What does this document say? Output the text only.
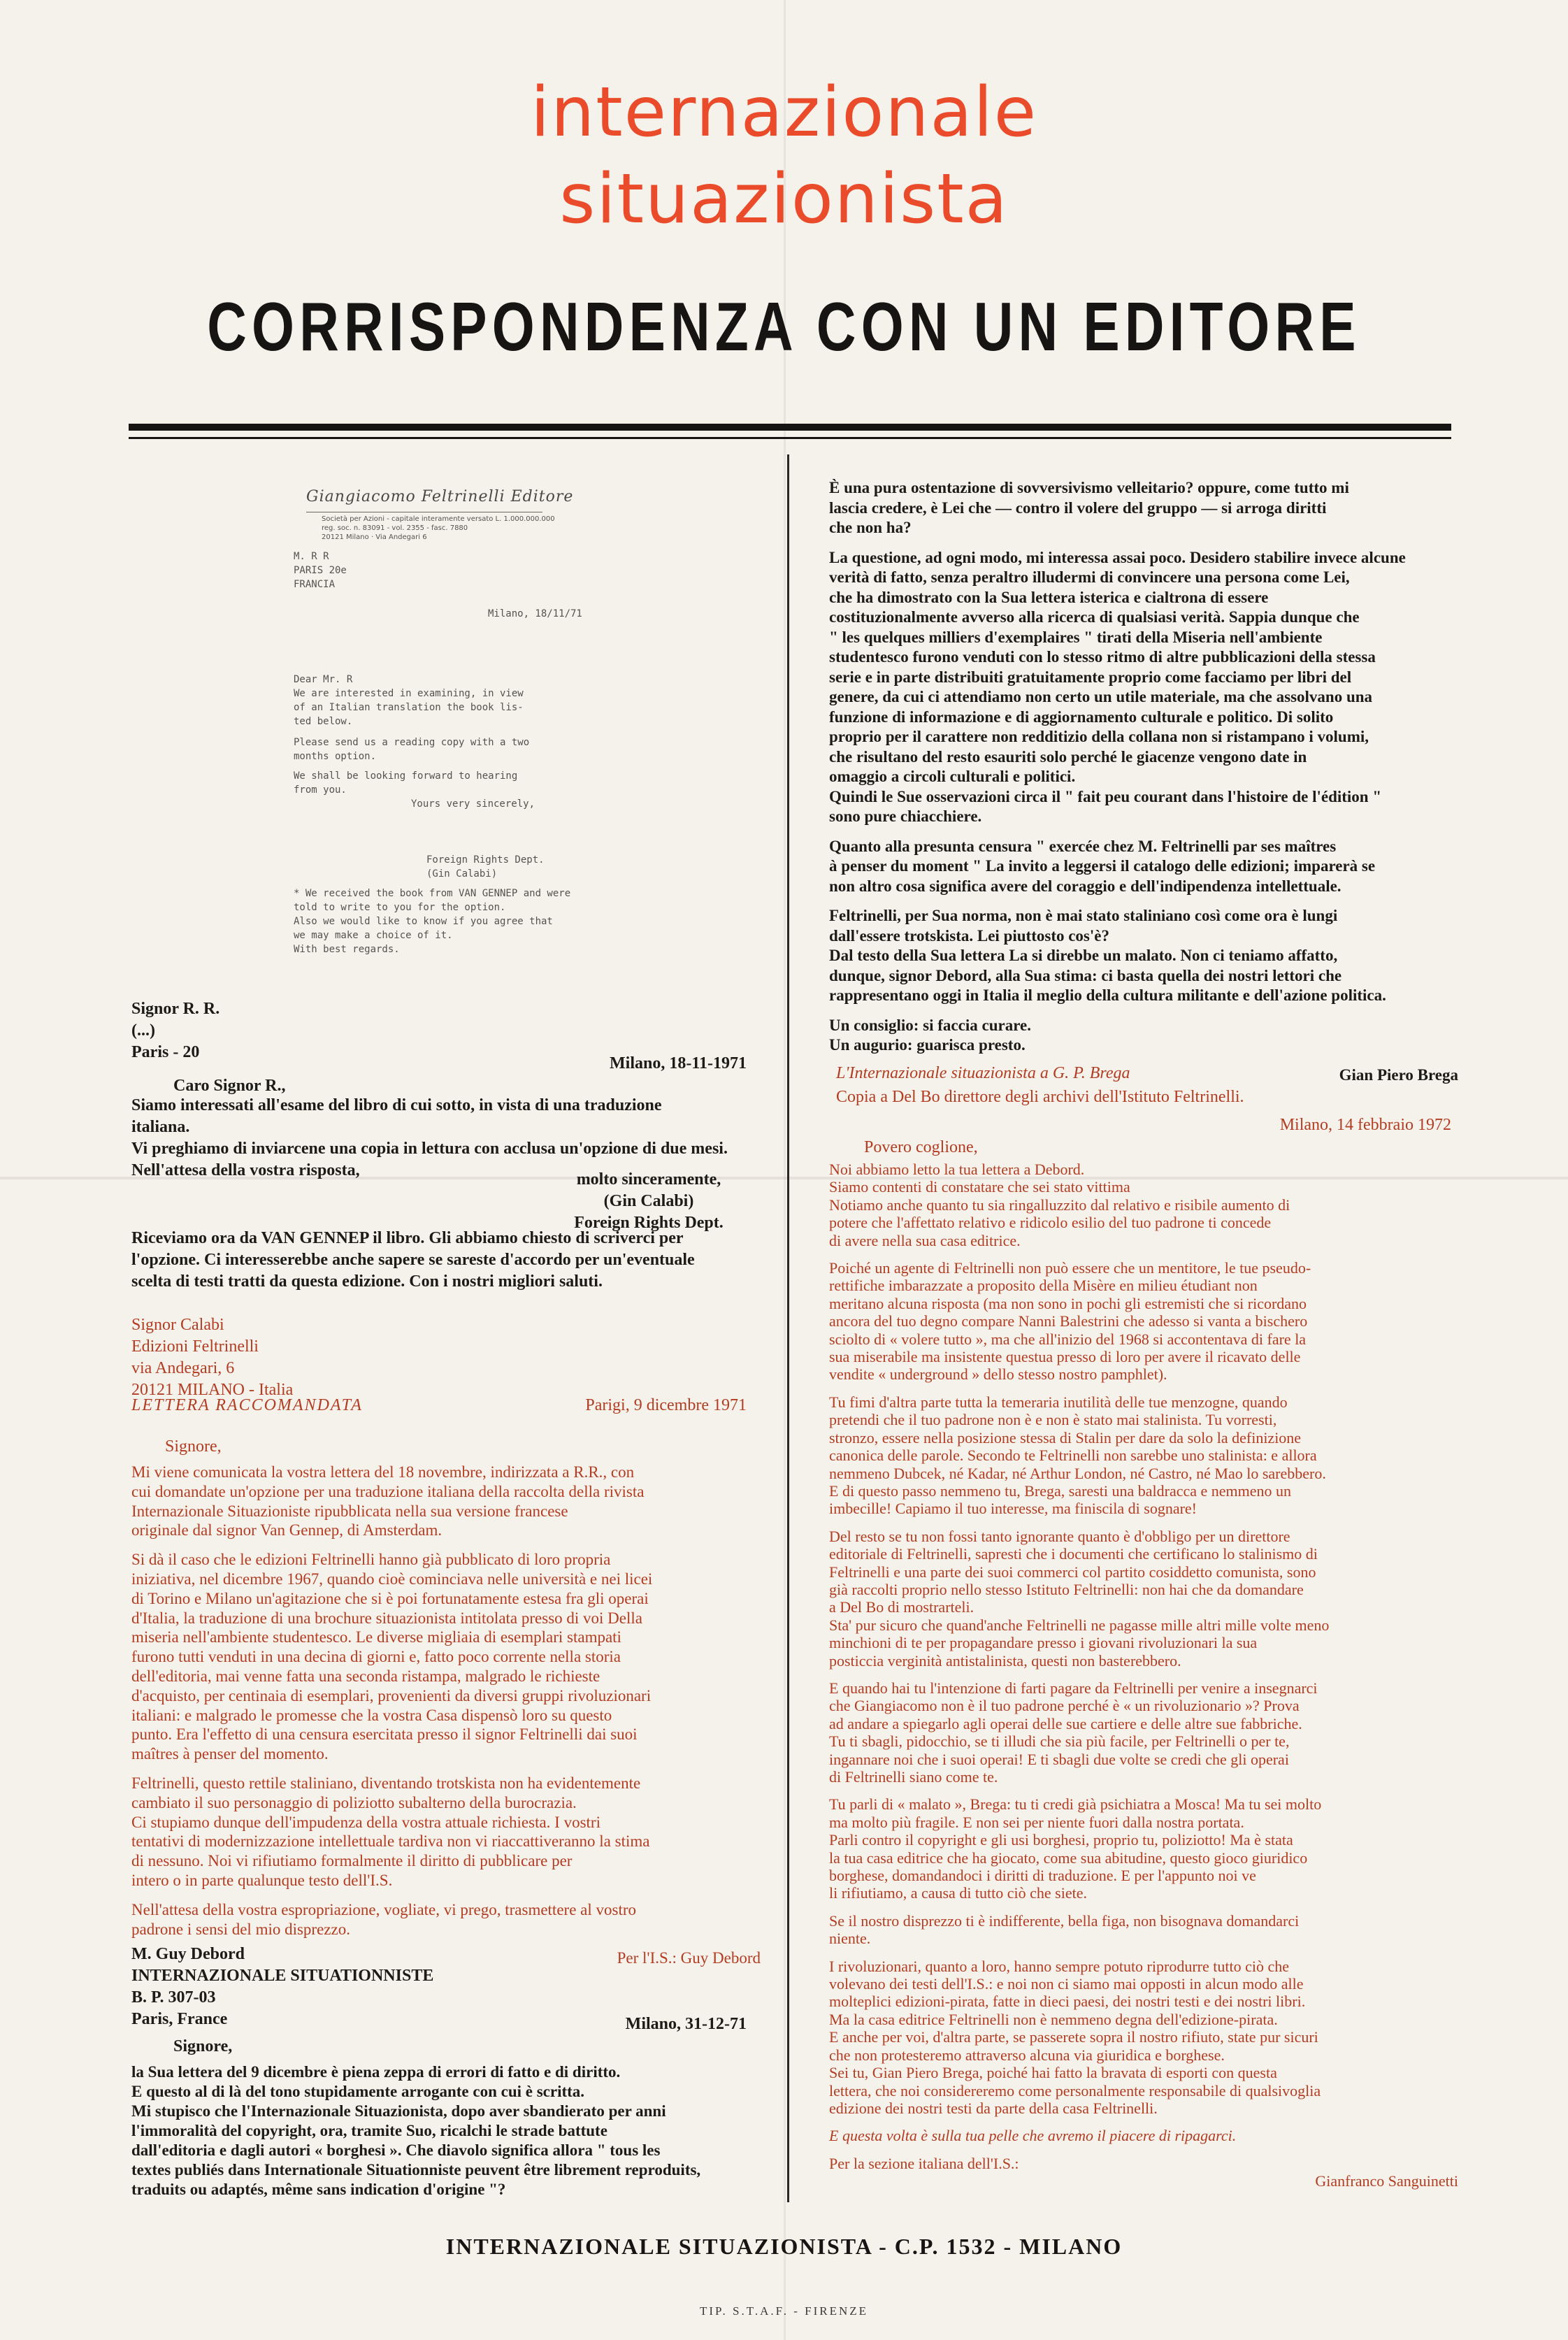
internazionale
situazionista
CORRISPONDENZA CON UN EDITORE
Giangiacomo Feltrinelli Editore
Società per Azioni - capitale interamente versato L. 1.000.000.000
reg. soc. n. 83091 - vol. 2355 - fasc. 7880
20121 Milano · Via Andegari 6
M. R R
PARIS 20e
FRANCIA
Milano, 18/11/71
Dear Mr. R
We are interested in examining, in view
of an Italian translation the book lis-
ted below.
Please send us a reading copy with a two
months option.
We shall be looking forward to hearing
from you.
Yours very sincerely,
Foreign Rights Dept.
(Gin Calabi)
* We received the book from VAN GENNEP and were
told to write to you for the option.
Also we would like to know if you agree that
we may make a choice of it.
With best regards.
Signor R. R.
(...)
Paris - 20
Milano, 18-11-1971
Caro Signor R.,
Siamo interessati all'esame del libro di cui sotto, in vista di una traduzione
italiana.
Vi preghiamo di inviarcene una copia in lettura con acclusa un'opzione di due mesi.
Nell'attesa della vostra risposta,	molto sinceramente,
(Gin Calabi)
Foreign Rights Dept.
Riceviamo ora da VAN GENNEP il libro. Gli abbiamo chiesto di scriverci per
l'opzione. Ci interesserebbe anche sapere se sareste d'accordo per un'eventuale
scelta di testi tratti da questa edizione. Con i nostri migliori saluti.
Signor Calabi
Edizioni Feltrinelli
via Andegari, 6
20121 MILANO - Italia
LETTERA RACCOMANDATA	Parigi, 9 dicembre 1971
Signore,
Mi viene comunicata la vostra lettera del 18 novembre, indirizzata a R.R., con
cui domandate un'opzione per una traduzione italiana della raccolta della rivista
Internazionale Situazioniste ripubblicata nella sua versione francese
originale dal signor Van Gennep, di Amsterdam.
Si dà il caso che le edizioni Feltrinelli hanno già pubblicato di loro propria
iniziativa, nel dicembre 1967, quando cioè cominciava nelle università e nei licei
di Torino e Milano un'agitazione che si è poi fortunatamente estesa fra gli operai
d'Italia, la traduzione di una brochure situazionista intitolata presso di voi Della
miseria nell'ambiente studentesco. Le diverse migliaia di esemplari stampati
furono tutti venduti in una decina di giorni e, fatto poco corrente nella storia
dell'editoria, mai venne fatta una seconda ristampa, malgrado le richieste
d'acquisto, per centinaia di esemplari, provenienti da diversi gruppi rivoluzionari
italiani: e malgrado le promesse che la vostra Casa dispensò loro su questo
punto. Era l'effetto di una censura esercitata presso il signor Feltrinelli dai suoi
maîtres à penser del momento.
Feltrinelli, questo rettile staliniano, diventando trotskista non ha evidentemente
cambiato il suo personaggio di poliziotto subalterno della burocrazia.
Ci stupiamo dunque dell'impudenza della vostra attuale richiesta. I vostri
tentativi di modernizzazione intellettuale tardiva non vi riaccattiveranno la stima
di nessuno. Noi vi rifiutiamo formalmente il diritto di pubblicare per
intero o in parte qualunque testo dell'I.S.
Nell'attesa della vostra espropriazione, vogliate, vi prego, trasmettere al vostro
padrone i sensi del mio disprezzo.
Per l'I.S.: Guy Debord
M. Guy Debord
INTERNAZIONALE SITUATIONNISTE
B. P. 307-03
Paris, France	Milano, 31-12-71
Signore,
la Sua lettera del 9 dicembre è piena zeppa di errori di fatto e di diritto.
E questo al di là del tono stupidamente arrogante con cui è scritta.
Mi stupisco che l'Internazionale Situazionista, dopo aver sbandierato per anni
l'immoralità del copyright, ora, tramite Suo, ricalchi le strade battute
dall'editoria e dagli autori « borghesi ». Che diavolo significa allora " tous les
textes publiés dans Internationale Situationniste peuvent être librement reproduits,
traduits ou adaptés, même sans indication d'origine "?
È una pura ostentazione di sovversivismo velleitario? oppure, come tutto mi
lascia credere, è Lei che — contro il volere del gruppo — si arroga diritti
che non ha?
La questione, ad ogni modo, mi interessa assai poco. Desidero stabilire invece alcune
verità di fatto, senza peraltro illudermi di convincere una persona come Lei,
che ha dimostrato con la Sua lettera isterica e cialtrona di essere
costituzionalmente avverso alla ricerca di qualsiasi verità. Sappia dunque che
" les quelques milliers d'exemplaires " tirati della Miseria nell'ambiente
studentesco furono venduti con lo stesso ritmo di altre pubblicazioni della stessa
serie e in parte distribuiti gratuitamente proprio come facciamo per libri del
genere, da cui ci attendiamo non certo un utile materiale, ma che assolvano una
funzione di informazione e di aggiornamento culturale e politico. Di solito
proprio per il carattere non redditizio della collana non si ristampano i volumi,
che risultano del resto esauriti solo perché le giacenze vengono date in
omaggio a circoli culturali e politici.
Quindi le Sue osservazioni circa il " fait peu courant dans l'histoire de l'édition "
sono pure chiacchiere.
Quanto alla presunta censura " exercée chez M. Feltrinelli par ses maîtres
à penser du moment " La invito a leggersi il catalogo delle edizioni; imparerà se
non altro cosa significa avere del coraggio e dell'indipendenza intellettuale.
Feltrinelli, per Sua norma, non è mai stato staliniano così come ora è lungi
dall'essere trotskista. Lei piuttosto cos'è?
Dal testo della Sua lettera La si direbbe un malato. Non ci teniamo affatto,
dunque, signor Debord, alla Sua stima: ci basta quella dei nostri lettori che
rappresentano oggi in Italia il meglio della cultura militante e dell'azione politica.
Un consiglio: si faccia curare.
Un augurio: guarisca presto.
Gian Piero Brega
L'Internazionale situazionista a G. P. Brega
Copia a Del Bo direttore degli archivi dell'Istituto Feltrinelli.
Milano, 14 febbraio 1972
Povero coglione,
Noi abbiamo letto la tua lettera a Debord.
Siamo contenti di constatare che sei stato vittima
Notiamo anche quanto tu sia ringalluzzito dal relativo e risibile aumento di
potere che l'affettato relativo e ridicolo esilio del tuo padrone ti concede
di avere nella sua casa editrice.
Poiché un agente di Feltrinelli non può essere che un mentitore, le tue pseudo-
rettifiche imbarazzate a proposito della Misère en milieu étudiant non
meritano alcuna risposta (ma non sono in pochi gli estremisti che si ricordano
ancora del tuo degno compare Nanni Balestrini che adesso si vanta a bischero
sciolto di « volere tutto », ma che all'inizio del 1968 si accontentava di fare la
sua miserabile ma insistente questua presso di loro per avere il ricavato delle
vendite « underground » dello stesso nostro pamphlet).
Tu fimi d'altra parte tutta la temeraria inutilità delle tue menzogne, quando
pretendi che il tuo padrone non è e non è stato mai stalinista. Tu vorresti,
stronzo, essere nella posizione stessa di Stalin per dare da solo la definizione
canonica delle parole. Secondo te Feltrinelli non sarebbe uno stalinista: e allora
nemmeno Dubcek, né Kadar, né Arthur London, né Castro, né Mao lo sarebbero.
E di questo passo nemmeno tu, Brega, saresti una baldracca e nemmeno un
imbecille! Capiamo il tuo interesse, ma finiscila di sognare!
Del resto se tu non fossi tanto ignorante quanto è d'obbligo per un direttore
editoriale di Feltrinelli, sapresti che i documenti che certificano lo stalinismo di
Feltrinelli e una parte dei suoi commerci col partito cosiddetto comunista, sono
già raccolti proprio nello stesso Istituto Feltrinelli: non hai che da domandare
a Del Bo di mostrarteli.
Sta' pur sicuro che quand'anche Feltrinelli ne pagasse mille altri mille volte meno
minchioni di te per propagandare presso i giovani rivoluzionari la sua
posticcia verginità antistalinista, questi non basterebbero.
E quando hai tu l'intenzione di farti pagare da Feltrinelli per venire a insegnarci
che Giangiacomo non è il tuo padrone perché è « un rivoluzionario »? Prova
ad andare a spiegarlo agli operai delle sue cartiere e delle altre sue fabbriche.
Tu ti sbagli, pidocchio, se ti illudi che sia più facile, per Feltrinelli o per te,
ingannare noi che i suoi operai! E ti sbagli due volte se credi che gli operai
di Feltrinelli siano come te.
Tu parli di « malato », Brega: tu ti credi già psichiatra a Mosca! Ma tu sei molto
ma molto più fragile. E non sei per niente fuori dalla nostra portata.
Parli contro il copyright e gli usi borghesi, proprio tu, poliziotto! Ma è stata
la tua casa editrice che ha giocato, come sua abitudine, questo gioco giuridico
borghese, domandandoci i diritti di traduzione. E per l'appunto noi ve
li rifiutiamo, a causa di tutto ciò che siete.
Se il nostro disprezzo ti è indifferente, bella figa, non bisognava domandarci
niente.
I rivoluzionari, quanto a loro, hanno sempre potuto riprodurre tutto ciò che
volevano dei testi dell'I.S.: e noi non ci siamo mai opposti in alcun modo alle
molteplici edizioni-pirata, fatte in dieci paesi, dei nostri testi e dei nostri libri.
Ma la casa editrice Feltrinelli non è nemmeno degna dell'edizione-pirata.
E anche per voi, d'altra parte, se passerete sopra il nostro rifiuto, state pur sicuri
che non protesteremo attraverso alcuna via giuridica e borghese.
Sei tu, Gian Piero Brega, poiché hai fatto la bravata di esporti con questa
lettera, che noi considereremo come personalmente responsabile di qualsivoglia
edizione dei nostri testi da parte della casa Feltrinelli.
E questa volta è sulla tua pelle che avremo il piacere di ripagarci.
Per la sezione italiana dell'I.S.:
Gianfranco Sanguinetti
INTERNAZIONALE SITUAZIONISTA - C.P. 1532 - MILANO
TIP. S.T.A.F. - FIRENZE
